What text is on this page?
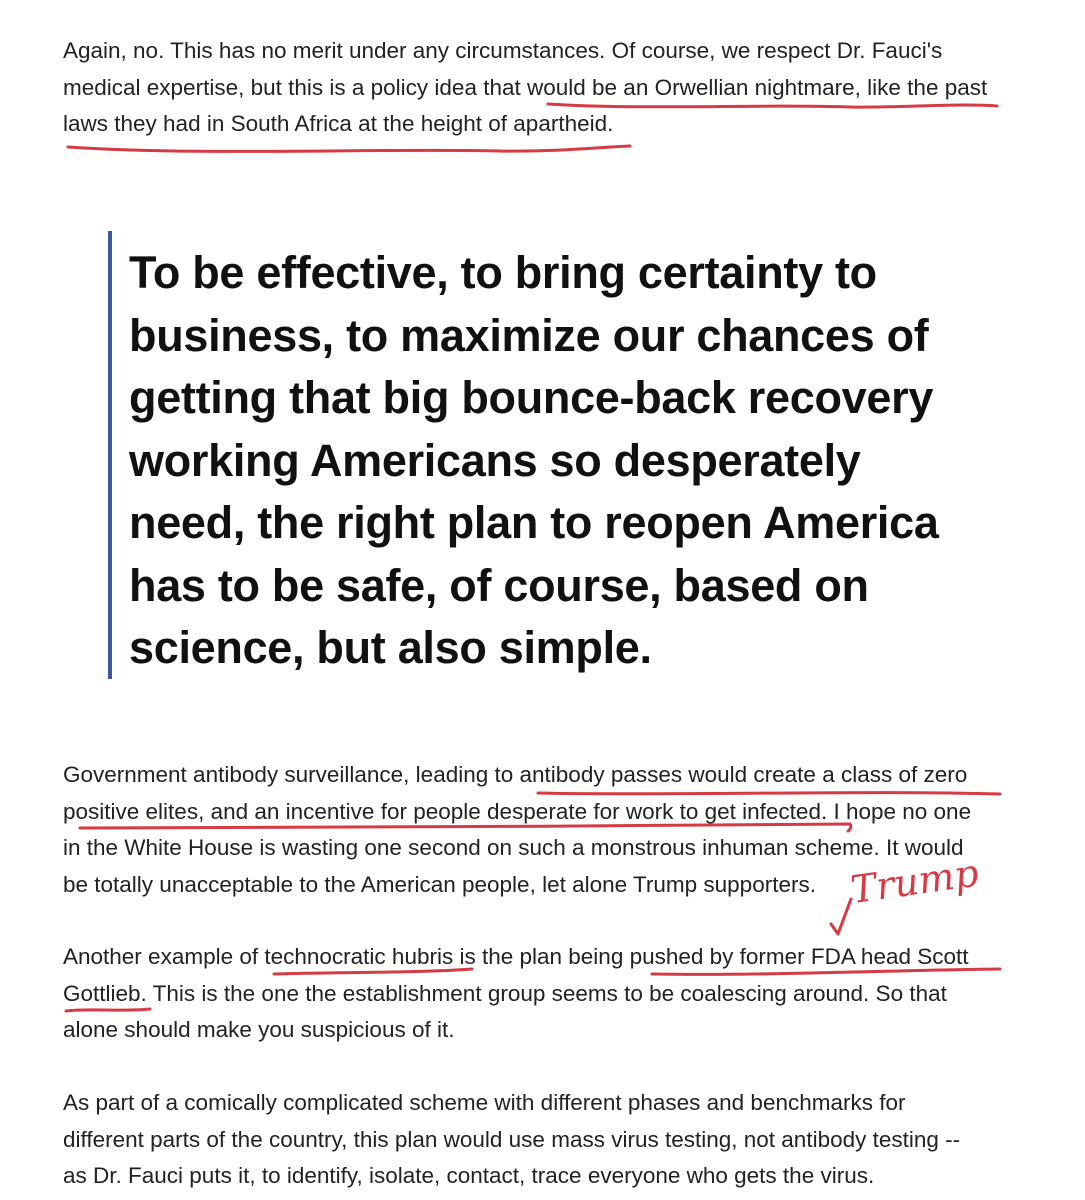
Again, no. This has no merit under any circumstances. Of course, we respect Dr. Fauci's
medical expertise, but this is a policy idea that would be an Orwellian nightmare, like the past
laws they had in South Africa at the height of apartheid.
To be effective, to bring certainty to
business, to maximize our chances of
getting that big bounce-back recovery
working Americans so desperately
need, the right plan to reopen America
has to be safe, of course, based on
science, but also simple.
Government antibody surveillance, leading to antibody passes would create a class of zero
positive elites, and an incentive for people desperate for work to get infected. I hope no one
in the White House is wasting one second on such a monstrous inhuman scheme. It would
be totally unacceptable to the American people, let alone Trump supporters.
Another example of technocratic hubris is the plan being pushed by former FDA head Scott
Gottlieb. This is the one the establishment group seems to be coalescing around. So that
alone should make you suspicious of it.
As part of a comically complicated scheme with different phases and benchmarks for
different parts of the country, this plan would use mass virus testing, not antibody testing --
as Dr. Fauci puts it, to identify, isolate, contact, trace everyone who gets the virus.
Trump
